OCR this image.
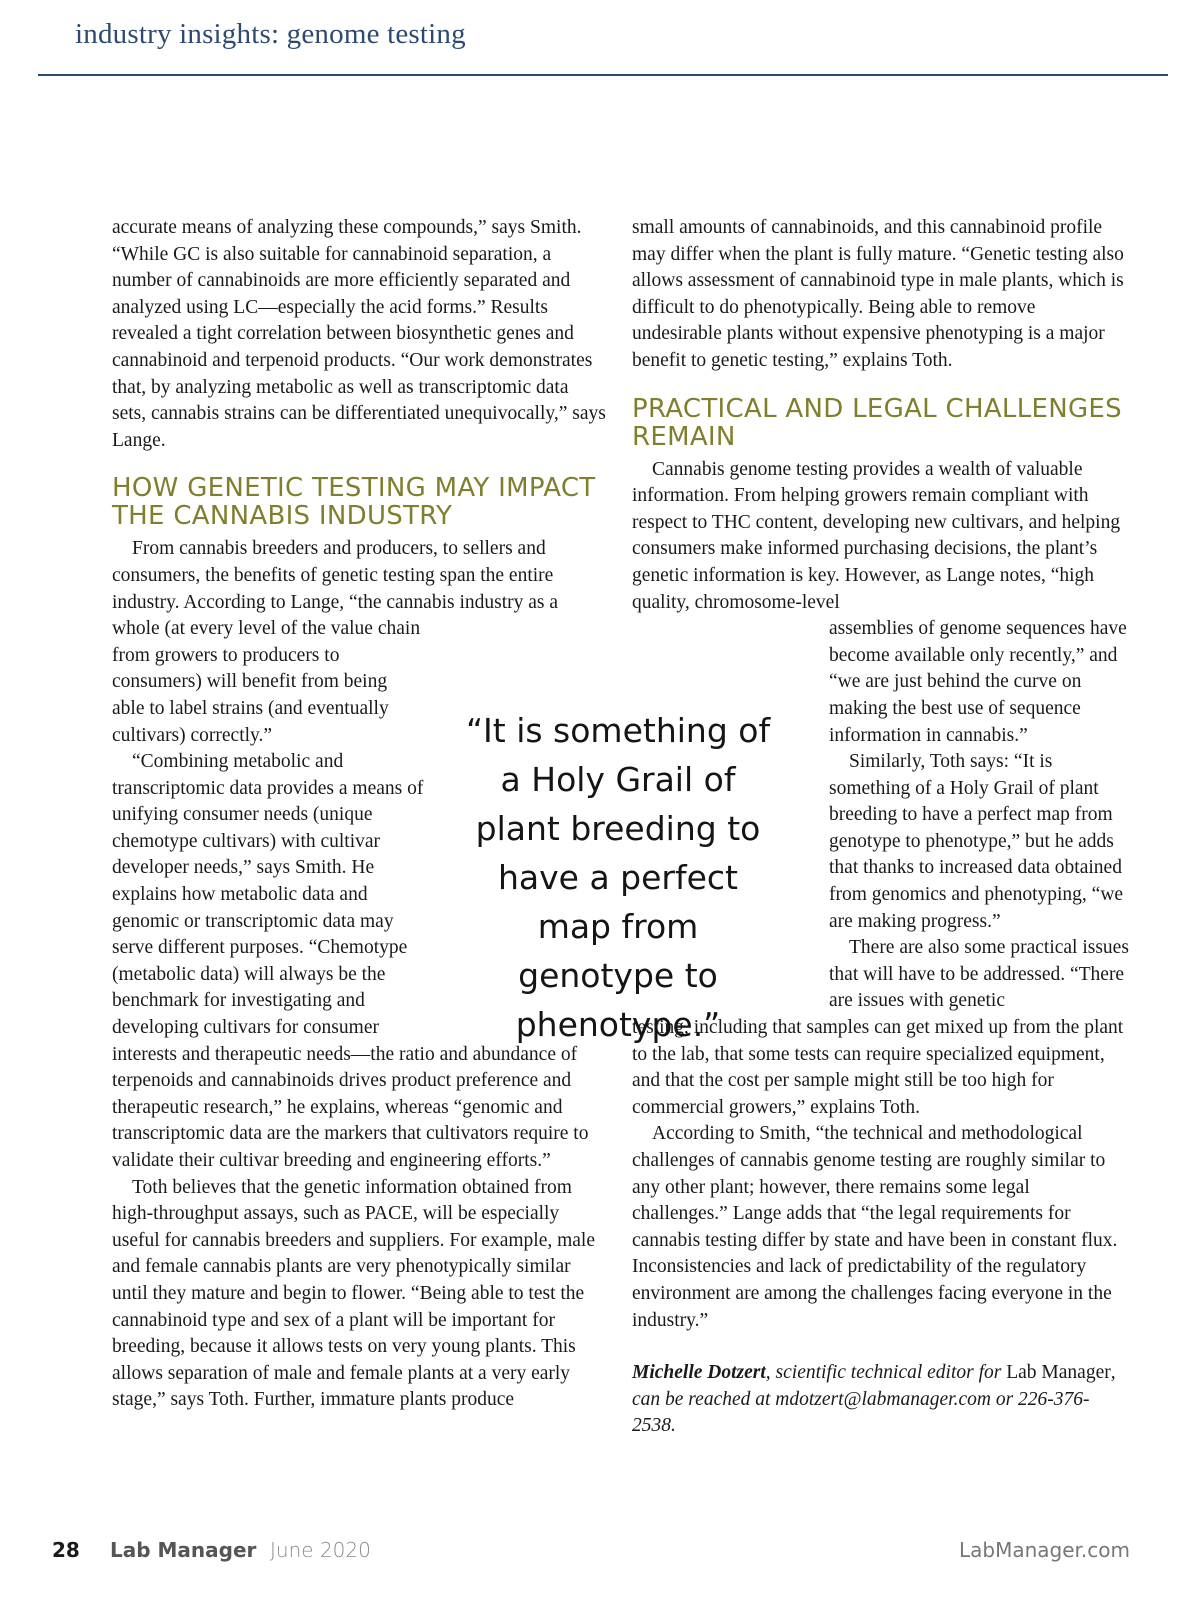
industry insights: genome testing

accurate means of analyzing these compounds,” says Smith. “While GC is also suitable for cannabinoid separation, a number of cannabinoids are more efficiently separated and analyzed using LC—especially the acid forms.” Results revealed a tight correlation between biosynthetic genes and cannabinoid and terpenoid products. “Our work demonstrates that, by analyzing metabolic as well as transcriptomic data sets, cannabis strains can be differentiated unequivocally,” says Lange.

HOW GENETIC TESTING MAY IMPACT THE CANNABIS INDUSTRY

From cannabis breeders and producers, to sellers and consumers, the benefits of genetic testing span the entire industry. According to Lange, “the cannabis industry as a whole (at every level of the value chain

from growers to producers to consumers) will benefit from being able to label strains (and eventually cultivars) correctly.”

“Combining metabolic and transcriptomic data provides a means of unifying consumer needs (unique chemotype cultivars) with cultivar developer needs,” says Smith. He explains how metabolic data and genomic or transcriptomic data may serve different purposes. “Chemotype (metabolic data) will always be the benchmark for investigating and developing cultivars for consumer

interests and therapeutic needs—the ratio and abundance of terpenoids and cannabinoids drives product preference and therapeutic research,” he explains, whereas “genomic and transcriptomic data are the markers that cultivators require to validate their cultivar breeding and engineering efforts.”

Toth believes that the genetic information obtained from high-throughput assays, such as PACE, will be especially useful for cannabis breeders and suppliers. For example, male and female cannabis plants are very phenotypically similar until they mature and begin to flower. “Being able to test the cannabinoid type and sex of a plant will be important for breeding, because it allows tests on very young plants. This allows separation of male and female plants at a very early stage,” says Toth. Further, immature plants produce

small amounts of cannabinoids, and this cannabinoid profile may differ when the plant is fully mature. “Genetic testing also allows assessment of cannabinoid type in male plants, which is difficult to do phenotypically. Being able to remove undesirable plants without expensive phenotyping is a major benefit to genetic testing,” explains Toth.

PRACTICAL AND LEGAL CHALLENGES REMAIN

Cannabis genome testing provides a wealth of valuable information. From helping growers remain compliant with respect to THC content, developing new cultivars, and helping consumers make informed purchasing decisions, the plant’s genetic information is key. However, as Lange notes, “high quality, chromosome-level

assemblies of genome sequences have become available only recently,” and “we are just behind the curve on making the best use of sequence information in cannabis.”

Similarly, Toth says: “It is something of a Holy Grail of plant breeding to have a perfect map from genotype to phenotype,” but he adds that thanks to increased data obtained from genomics and phenotyping, “we are making progress.”

There are also some practical issues that will have to be addressed. “There are issues with genetic

testing, including that samples can get mixed up from the plant to the lab, that some tests can require specialized equipment, and that the cost per sample might still be too high for commercial growers,” explains Toth.

According to Smith, “the technical and methodological challenges of cannabis genome testing are roughly similar to any other plant; however, there remains some legal challenges.” Lange adds that “the legal requirements for cannabis testing differ by state and have been in constant flux. Inconsistencies and lack of predictability of the regulatory environment are among the challenges facing everyone in the industry.”

Michelle Dotzert, scientific technical editor for Lab Manager, can be reached at mdotzert@labmanager.com or 226-376-2538.

“It is something of a Holy Grail of plant breeding to have a perfect map from genotype to phenotype.”
28 Lab Manager June 2020	LabManager.com
